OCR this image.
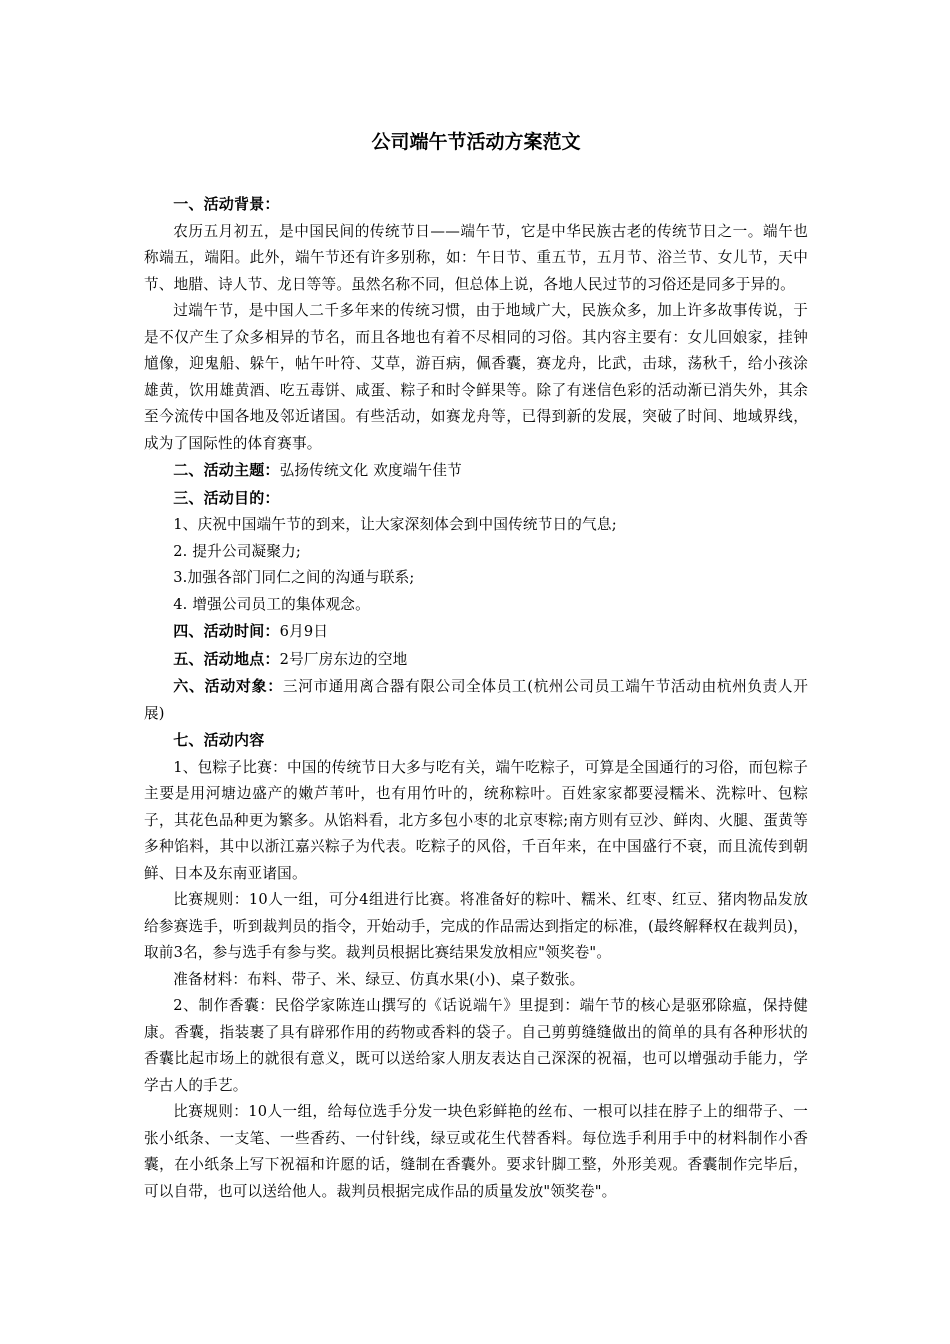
公司端午节活动方案范文

一、活动背景：

农历五月初五，是中国民间的传统节日——端午节，它是中华民族古老的传统节日之一。端午也称端五，端阳。此外，端午节还有许多别称，如：午日节、重五节，五月节、浴兰节、女儿节，天中节、地腊、诗人节、龙日等等。虽然名称不同，但总体上说，各地人民过节的习俗还是同多于异的。

过端午节，是中国人二千多年来的传统习惯，由于地域广大，民族众多，加上许多故事传说，于是不仅产生了众多相异的节名，而且各地也有着不尽相同的习俗。其内容主要有：女儿回娘家，挂钟馗像，迎鬼船、躲午，帖午叶符、艾草，游百病，佩香囊，赛龙舟，比武，击球，荡秋千，给小孩涂雄黄，饮用雄黄酒、吃五毒饼、咸蛋、粽子和时令鲜果等。除了有迷信色彩的活动渐已消失外，其余至今流传中国各地及邻近诸国。有些活动，如赛龙舟等，已得到新的发展，突破了时间、地域界线，成为了国际性的体育赛事。

二、活动主题：弘扬传统文化 欢度端午佳节

三、活动目的：

1、庆祝中国端午节的到来，让大家深刻体会到中国传统节日的气息;

2. 提升公司凝聚力;

3.加强各部门同仁之间的沟通与联系;

4. 增强公司员工的集体观念。

四、活动时间：6月9日

五、活动地点：2号厂房东边的空地

六、活动对象：三河市通用离合器有限公司全体员工(杭州公司员工端午节活动由杭州负责人开展)

七、活动内容

1、包粽子比赛：中国的传统节日大多与吃有关，端午吃粽子，可算是全国通行的习俗，而包粽子主要是用河塘边盛产的嫩芦苇叶，也有用竹叶的，统称粽叶。百姓家家都要浸糯米、洗粽叶、包粽子，其花色品种更为繁多。从馅料看，北方多包小枣的北京枣粽;南方则有豆沙、鲜肉、火腿、蛋黄等多种馅料，其中以浙江嘉兴粽子为代表。吃粽子的风俗，千百年来，在中国盛行不衰，而且流传到朝鲜、日本及东南亚诸国。

比赛规则：10人一组，可分4组进行比赛。将准备好的粽叶、糯米、红枣、红豆、猪肉物品发放给参赛选手，听到裁判员的指令，开始动手，完成的作品需达到指定的标准，(最终解释权在裁判员)，取前3名，参与选手有参与奖。裁判员根据比赛结果发放相应"领奖卷"。

准备材料：布料、带子、米、绿豆、仿真水果(小)、桌子数张。

2、制作香囊：民俗学家陈连山撰写的《话说端午》里提到：端午节的核心是驱邪除瘟，保持健康。香囊，指装裹了具有辟邪作用的药物或香料的袋子。自己剪剪缝缝做出的简单的具有各种形状的香囊比起市场上的就很有意义，既可以送给家人朋友表达自己深深的祝福，也可以增强动手能力，学学古人的手艺。

比赛规则：10人一组，给每位选手分发一块色彩鲜艳的丝布、一根可以挂在脖子上的细带子、一张小纸条、一支笔、一些香药、一付针线，绿豆或花生代替香料。每位选手利用手中的材料制作小香囊，在小纸条上写下祝福和许愿的话，缝制在香囊外。要求针脚工整，外形美观。香囊制作完毕后，可以自带，也可以送给他人。裁判员根据完成作品的质量发放"领奖卷"。
